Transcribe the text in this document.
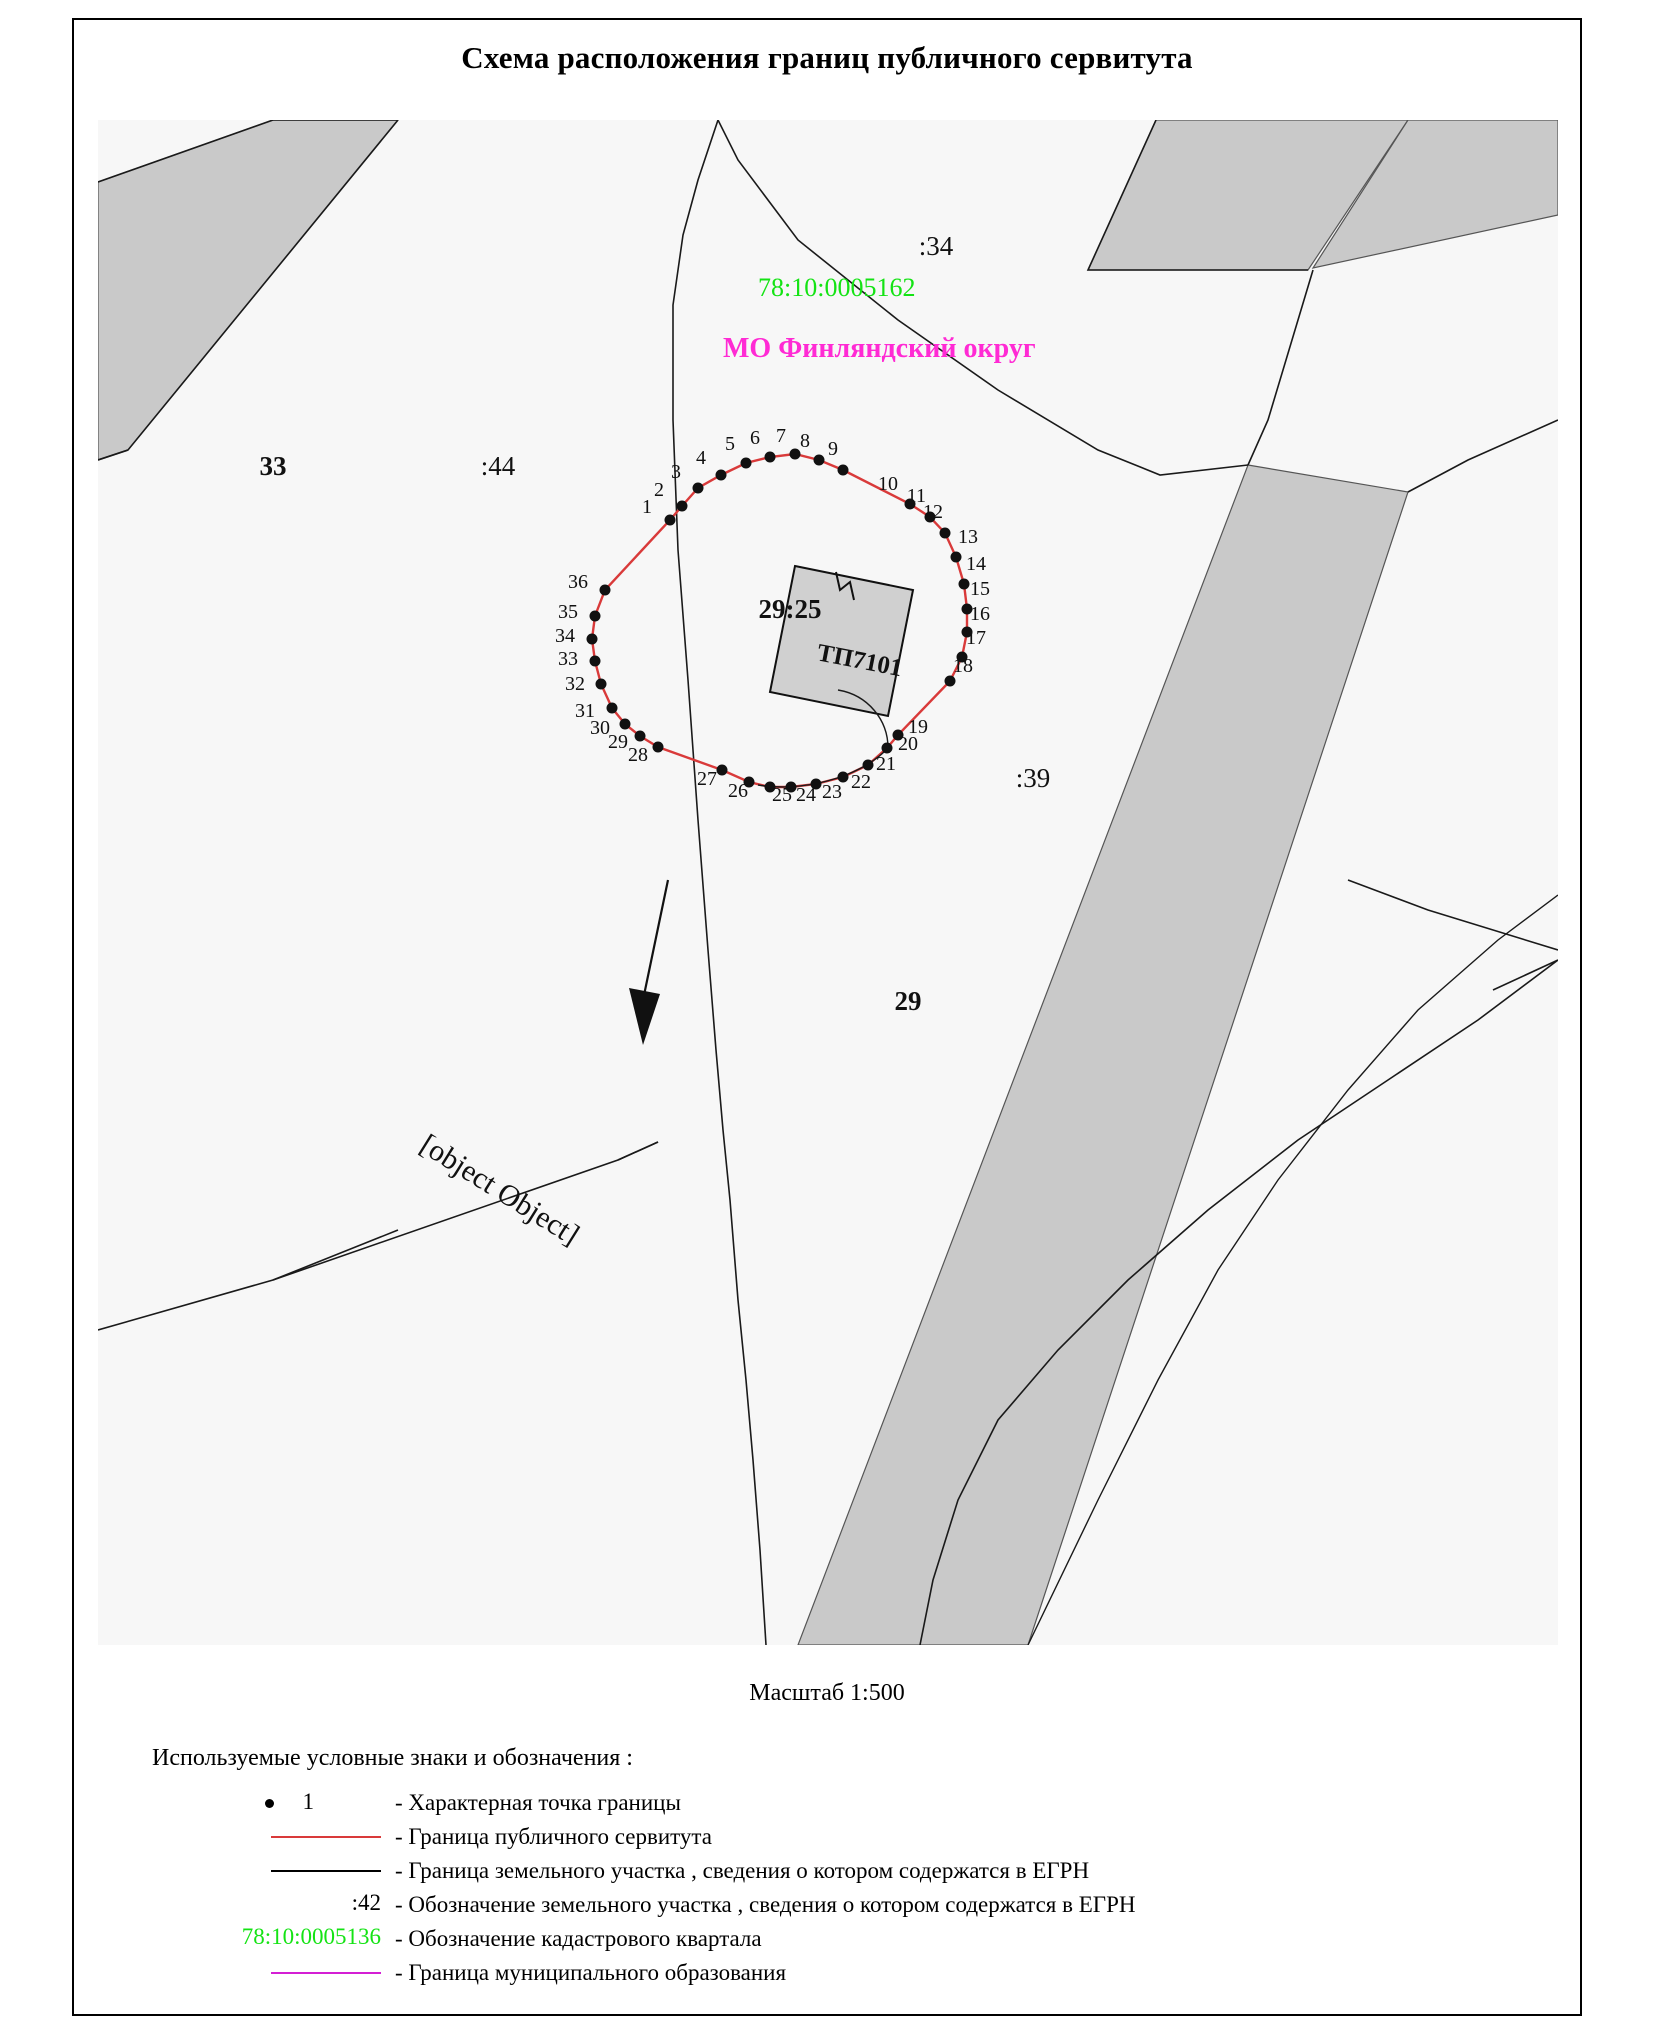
Схема расположения границ публичного сервитута
ТП7101
[object Object]
:34
:44
33
:39
29
29:25
78:10:0005162
МО Финляндский округ
1
2
3
4
5 6 7 8 9
10
11
12
13
14
15
16
17
18
19
20
21
22
23
24
25
26
27
28
29
30
31
32
33
34
35
36
Масштаб 1:500
Используемые условные знаки и обозначения :
1	- Характерная точка границы
- Граница публичного сервитута
- Граница земельного участка , сведения о котором содержатся в ЕГРН
:42 - Обозначение земельного участка , сведения о котором содержатся в ЕГРН
78:10:0005136 - Обозначение кадастрового квартала
- Граница муниципального образования
